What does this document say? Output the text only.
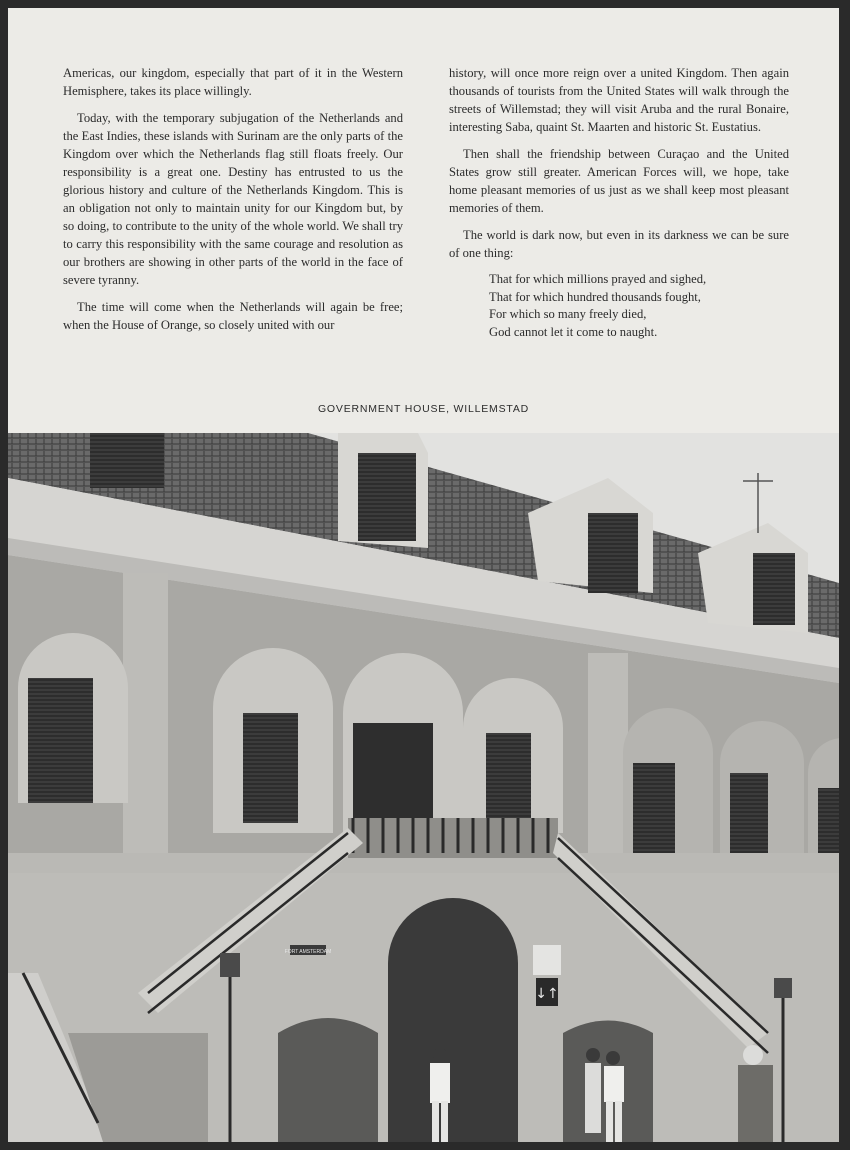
Americas, our kingdom, especially that part of it in the Western Hemisphere, takes its place willingly.

Today, with the temporary subjugation of the Netherlands and the East Indies, these islands with Surinam are the only parts of the Kingdom over which the Netherlands flag still floats freely. Our responsibility is a great one. Destiny has entrusted to us the glorious history and culture of the Netherlands Kingdom. This is an obligation not only to maintain unity for our Kingdom but, by so doing, to contribute to the unity of the whole world. We shall try to carry this responsibility with the same courage and resolution as our brothers are showing in other parts of the world in the face of severe tyranny.

The time will come when the Netherlands will again be free; when the House of Orange, so closely united with our

history, will once more reign over a united Kingdom. Then again thousands of tourists from the United States will walk through the streets of Willemstad; they will visit Aruba and the rural Bonaire, interesting Saba, quaint St. Maarten and historic St. Eustatius.

Then shall the friendship between Curaçao and the United States grow still greater. American Forces will, we hope, take home pleasant memories of us just as we shall keep most pleasant memories of them.

The world is dark now, but even in its darkness we can be sure of one thing:

That for which millions prayed and sighed,
That for which hundred thousands fought,
For which so many freely died,
God cannot let it come to naught.
GOVERNMENT HOUSE, WILLEMSTAD
FORT AMSTERDAM
↓↑
